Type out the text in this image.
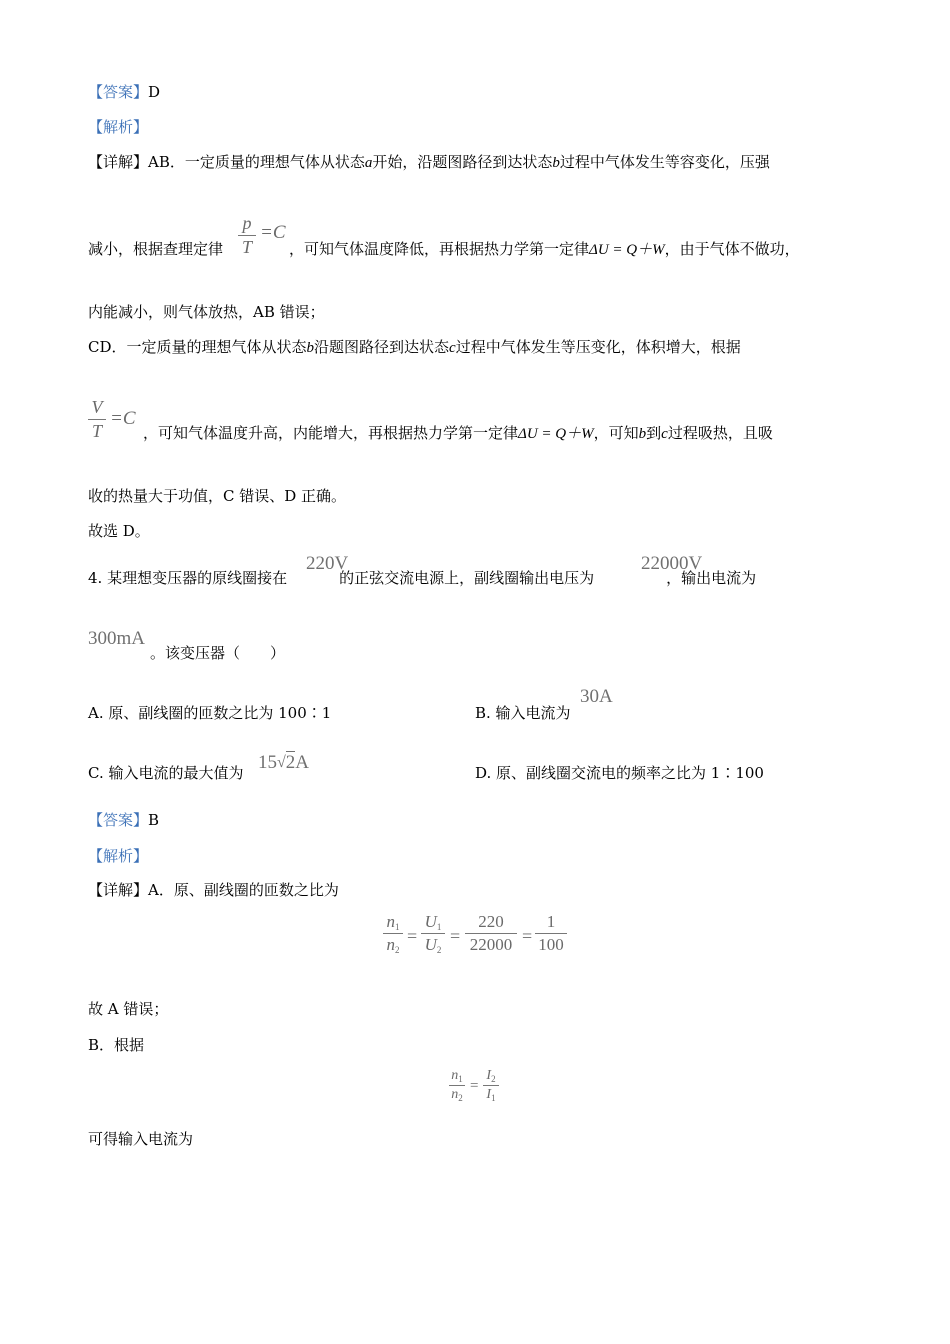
【答案】D
【解析】
【详解】AB．一定质量的理想气体从状态a开始，沿题图路径到达状态b过程中气体发生等容变化，压强
减小，根据查理定律	，可知气体温度降低，再根据热力学第一定律ΔU = Q＋W，由于气体不做功，
p
T
=C
内能减小，则气体放热，AB 错误；
CD．一定质量的理想气体从状态b沿题图路径到达状态c过程中气体发生等压变化，体积增大，根据
V
T
=C
，可知气体温度升高，内能增大，再根据热力学第一定律ΔU = Q＋W，可知b到c过程吸热，且吸
收的热量大于功值，C 错误、D 正确。
故选 D。
4. 某理想变压器的原线圈接在	的正弦交流电源上，副线圈输出电压为	，输出电流为
220V	22000V
300mA
。该变压器（　　）
A. 原、副线圈的匝数之比为 100∶1	B. 输入电流为
30A
C. 输入电流的最大值为 15√2A	D. 原、副线圈交流电的频率之比为 1∶100
【答案】B
【解析】
【详解】A．原、副线圈的匝数之比为
$n_1$
$n_2$
=
$U_1$
$U_2$
=
220
22000 =
1
100
故 A 错误；
B．根据
$n_1$
$n_2$
=
$I_2$
$I_1$
可得输入电流为
